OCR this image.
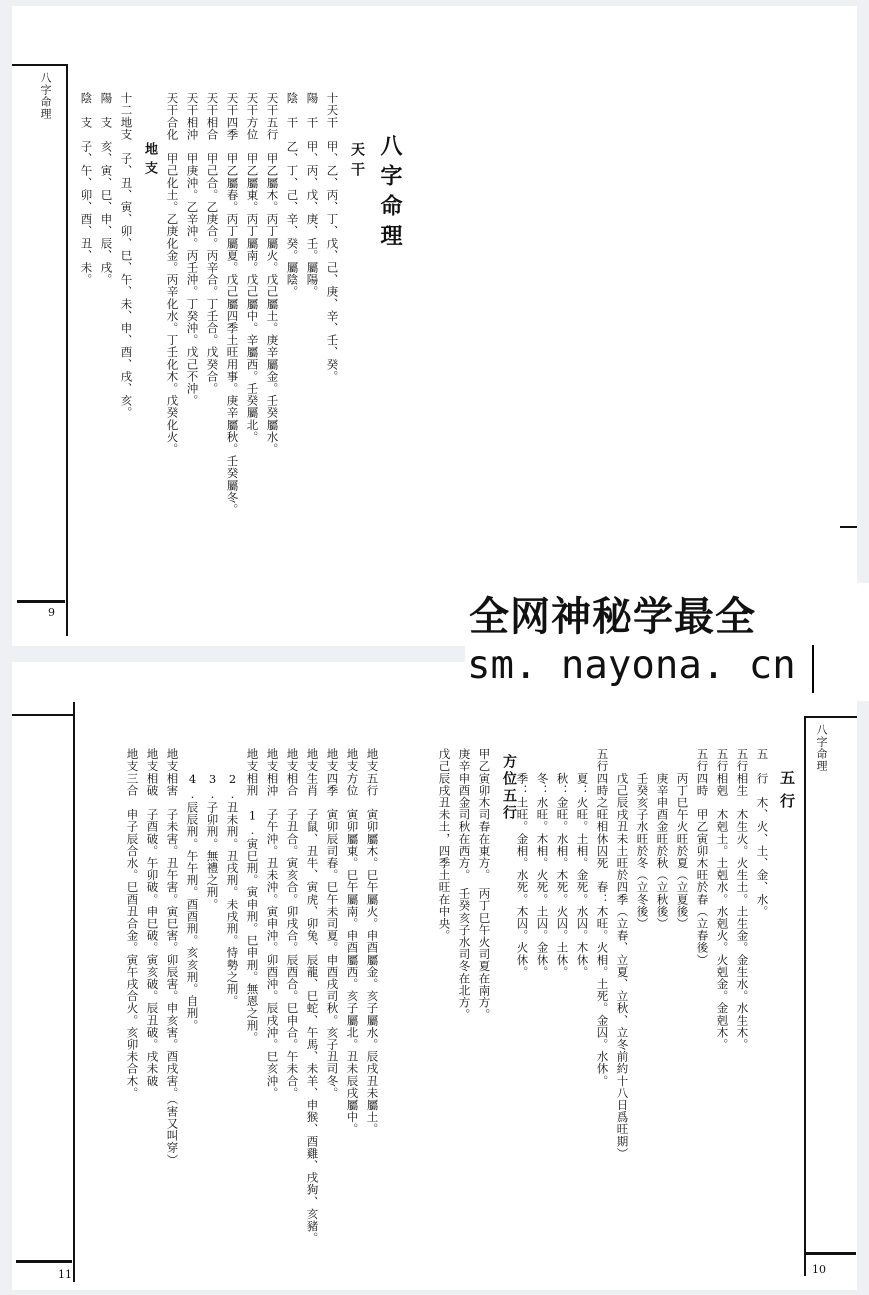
八字命理
9
八字命理
天干
十天干　甲、乙、丙、丁、戊、己、庚、辛、壬、癸。
陽　干　甲、丙、戊、庚、壬。屬陽。
陰　干　乙、丁、己、辛、癸。屬陰。
天干五行　甲乙屬木。丙丁屬火。戊己屬土。庚辛屬金。壬癸屬水。
天干方位　甲乙屬東。丙丁屬南。戊己屬中。辛屬西。壬癸屬北。
天干四季　甲乙屬春。丙丁屬夏。戊己屬四季土旺用事。庚辛屬秋。壬癸屬冬。
天干相合　甲己合。乙庚合。丙辛合。丁壬合。戊癸合。
天干相沖　甲庚沖。乙辛沖。丙壬沖。丁癸沖。戊己不沖。
天干合化　甲己化土。乙庚化金。丙辛化水。丁壬化木。戊癸化火。
地支
十二地支　子、丑、寅、卯、巳、午、未、申、酉、戌、亥。
陽　支　亥、寅、巳、申、辰、戌。
陰　支　子、午、卯、酉、丑、未。
11
八字命理
10
五行
五　行　木、火、土、金、水。
五行相生　木生火。火生土。土生金。金生水。水生木。
五行相剋　木剋土。土剋水。水剋火。火剋金。金剋木。
五行四時　甲乙寅卯木旺於春（立春後）
　　丙丁巳午火旺於夏（立夏後）
　　庚辛申酉金旺於秋（立秋後）
　　壬癸亥子水旺於冬（立冬後）
　　戊己辰戌丑未土旺於四季（立春、立夏、立秋、立冬前約十八日爲旺期）
五行四時之旺相休囚死　春：木旺。火相。土死。金囚。水休。
　　夏：火旺。土相。金死。水囚。木休。
　　秋：金旺。水相。木死。火囚。土休。
　　冬：水旺。木相。火死。土囚。金休。
　　季：土旺。金相。水死。木囚。火休。
方位五行
甲乙寅卯木司春在東方。　丙丁巳午火司夏在南方。
庚辛申酉金司秋在西方。　壬癸亥子水司冬在北方。
戊己辰戌丑未土，四季土旺在中央。
地支五行　寅卯屬木。巳午屬火。申酉屬金。亥子屬水。辰戌丑未屬土。
地支方位　寅卯屬東。巳午屬南。申酉屬西。亥子屬北。丑未辰戌屬中。
地支四季　寅卯辰司春。巳午未司夏。申酉戌司秋。亥子丑司冬。
地支生肖　子鼠、丑牛、寅虎、卯兔、辰龍、巳蛇、午馬、未羊、申猴、酉雞、戌狗、亥豬。
地支相合　子丑合。寅亥合。卯戌合。辰酉合。巳申合。午未合。
地支相沖　子午沖。丑未沖。寅申沖。卯酉沖。辰戌沖。巳亥沖。
地支相刑　1.寅巳刑。寅申刑。巳申刑。無恩之刑。
　　2.丑未刑。丑戌刑。未戌刑。恃勢之刑。
　　3.子卯刑。無禮之刑。
　　4.辰辰刑。午午刑。酉酉刑。亥亥刑。自刑。
地支相害　子未害。丑午害。寅巳害。卯辰害。申亥害。酉戌害。（害又叫穿）
地支相破　子酉破。午卯破。申巳破。寅亥破。辰丑破。戌未破
地支三合　申子辰合水。巳酉丑合金。寅午戌合火。亥卯未合木。
全网神秘学最全
sm. nayona. cn
